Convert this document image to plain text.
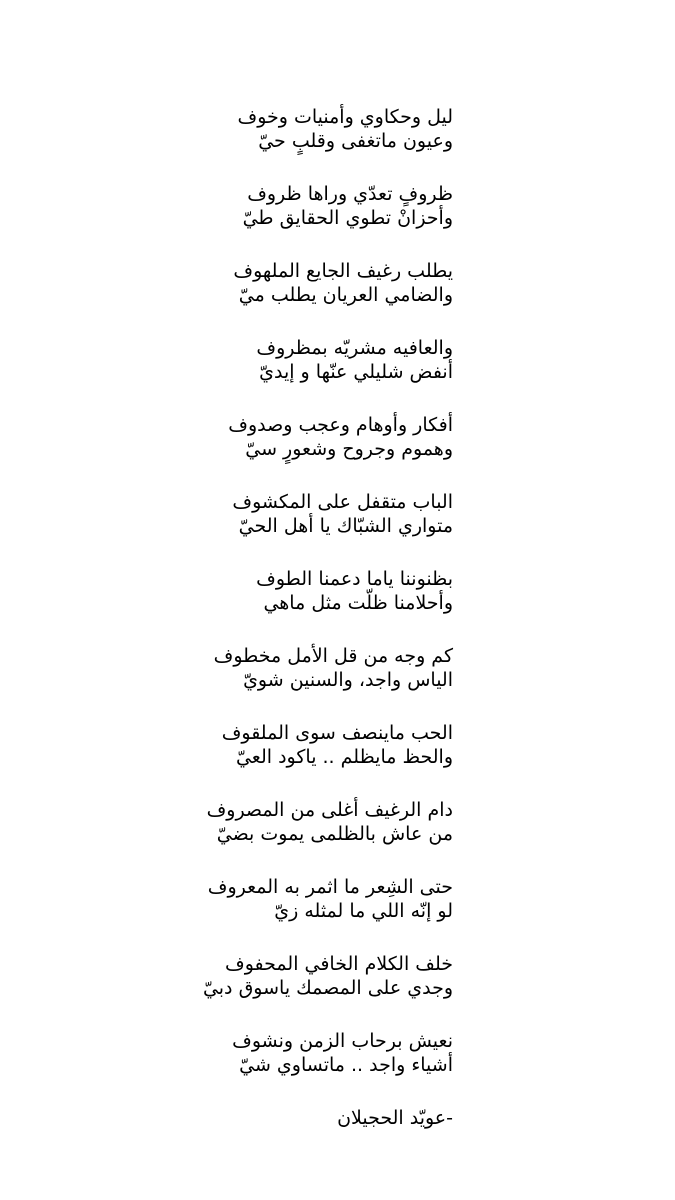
ليل وحكاوي وأمنيات وخوف
وعيون ماتغفى وقلبٍ حيّ
ظروفٍ تعدّي وراها ظروف
وأحزانْ تطوي الحقايق طيّ
يطلب رغيف الجايع الملهوف
والضامي العريان يطلب ميّ
والعافيه مشريّه بمظروف
أنفض شليلي عنّها و إيديّ
أفكار وأوهام وعجب وصدوف
وهموم وجروح وشعورٍ سيّ
الباب متقفل على المكشوف
متواري الشبّاك يا أهل الحيّ
بظنوننا ياما دعمنا الطوف
وأحلامنا ظلّت مثل ماهي
كم وجه من قل الأمل مخطوف
الياس واجد، والسنين شويّ
الحب ماينصف سوى الملقوف
والحظ مايظلم .. ياكود العيّ
دام الرغيف أغلى من المصروف
من عاش بالظلمى يموت بضيّ
حتى الشِعر ما اثمر به المعروف
لو إنّه اللي ما لمثله زيّ
خلف الكلام الخافي المحفوف
وجدي على المصمك ياسوق دبيّ
نعيش برحاب الزمن ونشوف
أشياء واجد .. ماتساوي شيّ
-عويّد الحجيلان
